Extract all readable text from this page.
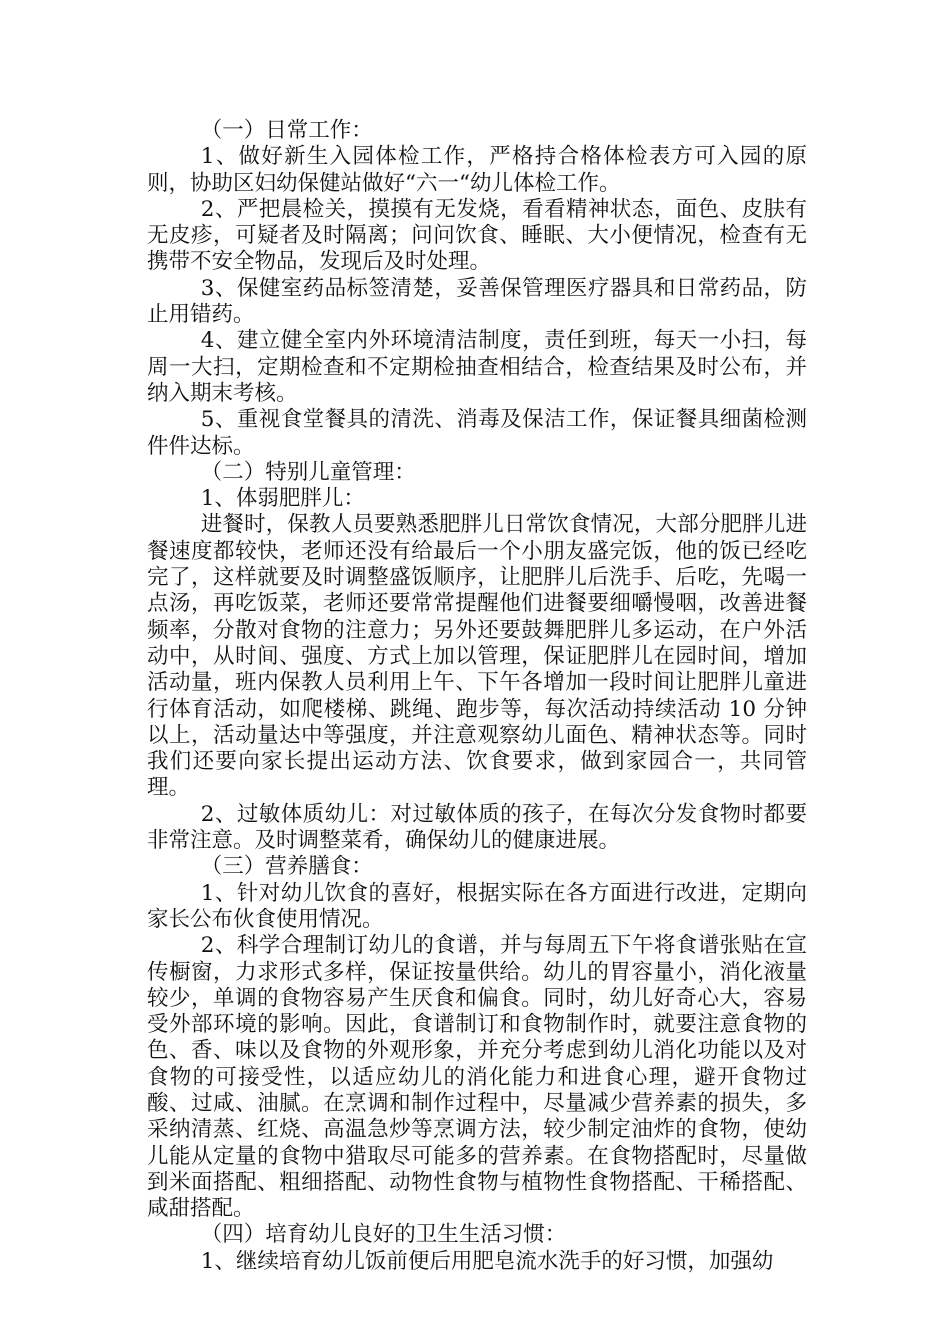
（一）日常工作：

1、做好新生入园体检工作，严格持合格体检表方可入园的原则，协助区妇幼保健站做好“六一“幼儿体检工作。

2、严把晨检关，摸摸有无发烧，看看精神状态，面色、皮肤有无皮疹，可疑者及时隔离；问问饮食、睡眠、大小便情况，检查有无携带不安全物品，发现后及时处理。

3、保健室药品标签清楚，妥善保管理医疗器具和日常药品，防止用错药。

4、建立健全室内外环境清洁制度，责任到班，每天一小扫，每周一大扫，定期检查和不定期检抽查相结合，检查结果及时公布，并纳入期末考核。

5、重视食堂餐具的清洗、消毒及保洁工作，保证餐具细菌检测件件达标。

（二）特别儿童管理：

1、体弱肥胖儿：

进餐时，保教人员要熟悉肥胖儿日常饮食情况，大部分肥胖儿进餐速度都较快，老师还没有给最后一个小朋友盛完饭，他的饭已经吃完了，这样就要及时调整盛饭顺序，让肥胖儿后洗手、后吃，先喝一点汤，再吃饭菜，老师还要常常提醒他们进餐要细嚼慢咽，改善进餐频率，分散对食物的注意力；另外还要鼓舞肥胖儿多运动，在户外活动中，从时间、强度、方式上加以管理，保证肥胖儿在园时间，增加活动量，班内保教人员利用上午、下午各增加一段时间让肥胖儿童进行体育活动，如爬楼梯、跳绳、跑步等，每次活动持续活动 10 分钟以上，活动量达中等强度，并注意观察幼儿面色、精神状态等。同时我们还要向家长提出运动方法、饮食要求，做到家园合一，共同管理。

2、过敏体质幼儿：对过敏体质的孩子，在每次分发食物时都要非常注意。及时调整菜肴，确保幼儿的健康进展。

（三）营养膳食：

1、针对幼儿饮食的喜好，根据实际在各方面进行改进，定期向家长公布伙食使用情况。

2、科学合理制订幼儿的食谱，并与每周五下午将食谱张贴在宣传橱窗，力求形式多样，保证按量供给。幼儿的胃容量小，消化液量较少，单调的食物容易产生厌食和偏食。同时，幼儿好奇心大，容易受外部环境的影响。因此，食谱制订和食物制作时，就要注意食物的色、香、味以及食物的外观形象，并充分考虑到幼儿消化功能以及对食物的可接受性，以适应幼儿的消化能力和进食心理，避开食物过酸、过咸、油腻。在烹调和制作过程中，尽量减少营养素的损失，多采纳清蒸、红烧、高温急炒等烹调方法，较少制定油炸的食物，使幼儿能从定量的食物中猎取尽可能多的营养素。在食物搭配时，尽量做到米面搭配、粗细搭配、动物性食物与植物性食物搭配、干稀搭配、咸甜搭配。

（四）培育幼儿良好的卫生生活习惯：

1、继续培育幼儿饭前便后用肥皂流水洗手的好习惯，加强幼
